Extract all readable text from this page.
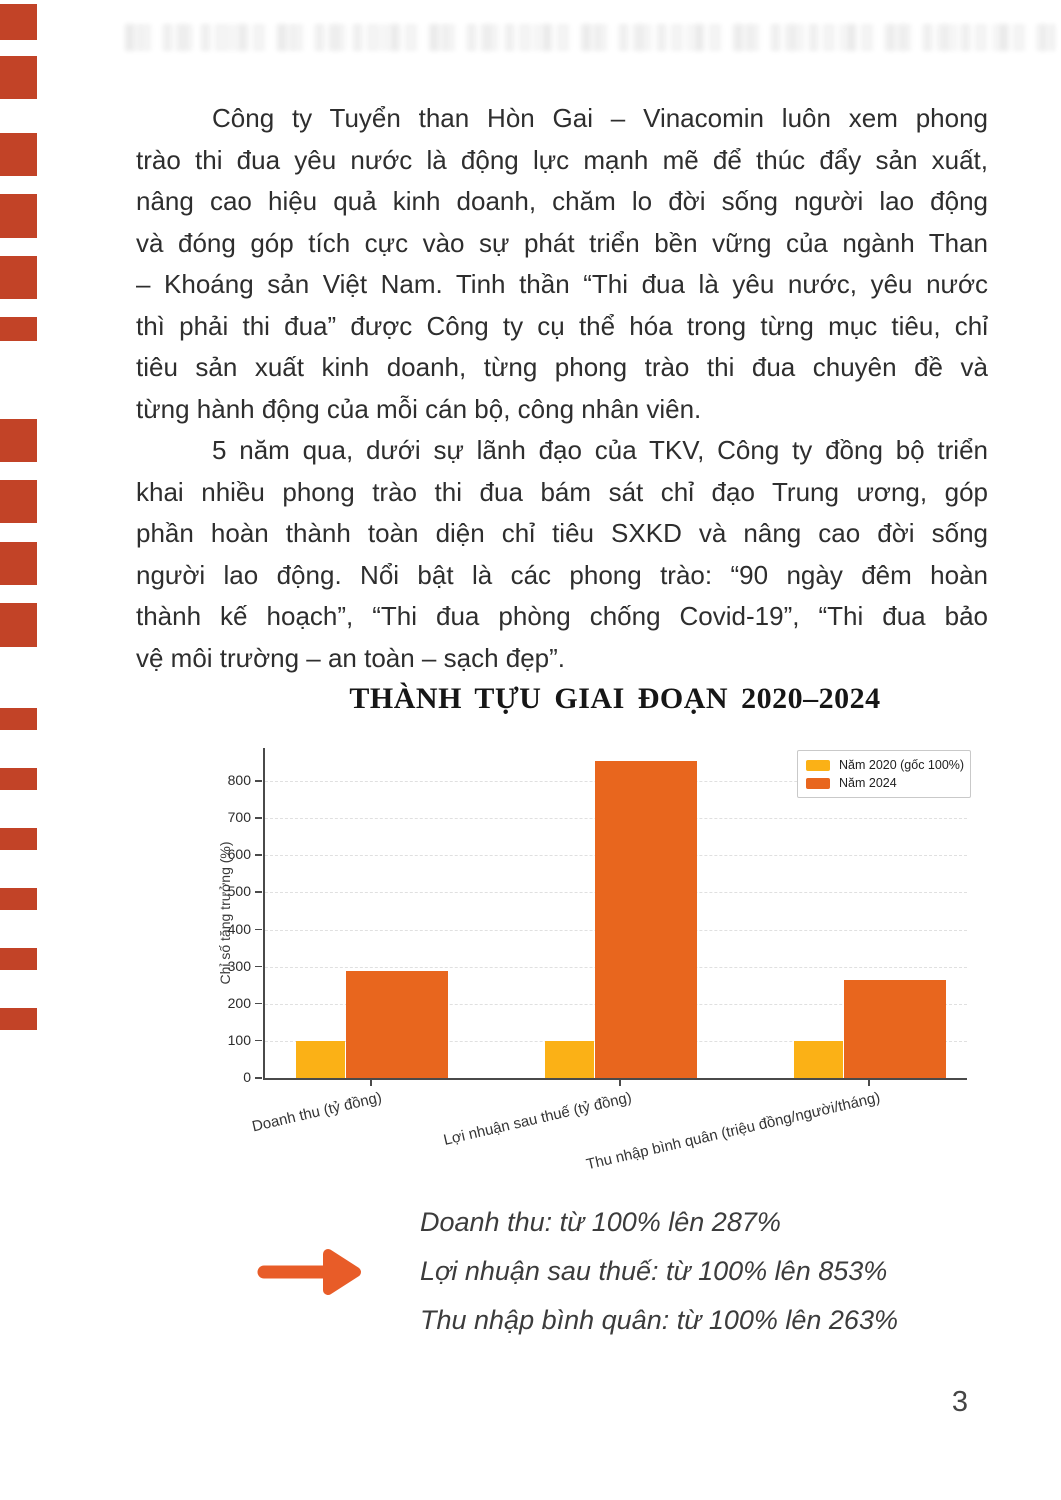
Công ty Tuyển than Hòn Gai – Vinacomin luôn xem phong
trào thi đua yêu nước là động lực mạnh mẽ để thúc đẩy sản xuất,
nâng cao hiệu quả kinh doanh, chăm lo đời sống người lao động
và đóng góp tích cực vào sự phát triển bền vững của ngành Than
– Khoáng sản Việt Nam. Tinh thần “Thi đua là yêu nước, yêu nước
thì phải thi đua” được Công ty cụ thể hóa trong từng mục tiêu, chỉ
tiêu sản xuất kinh doanh, từng phong trào thi đua chuyên đề và
từng hành động của mỗi cán bộ, công nhân viên.
5 năm qua, dưới sự lãnh đạo của TKV, Công ty đồng bộ triển
khai nhiều phong trào thi đua bám sát chỉ đạo Trung ương, góp
phần hoàn thành toàn diện chỉ tiêu SXKD và nâng cao đời sống
người lao động. Nổi bật là các phong trào: “90 ngày đêm hoàn
thành kế hoạch”, “Thi đua phòng chống Covid-19”, “Thi đua bảo
vệ môi trường – an toàn – sạch đẹp”.
THÀNH TỰU GIAI ĐOẠN 2020–2024
Chỉ số tăng trưởng (%)
0
100
200
300
400
500
600
700
800
Doanh thu (tỷ đồng)	Lợi nhuận sau thuế (tỷ đồng)
Thu nhập bình quân (triệu đồng/người/tháng)
Năm 2020 (gốc 100%)
Năm 2024
Doanh thu: từ 100% lên 287%
Lợi nhuận sau thuế: từ 100% lên 853%
Thu nhập bình quân: từ 100% lên 263%
3
